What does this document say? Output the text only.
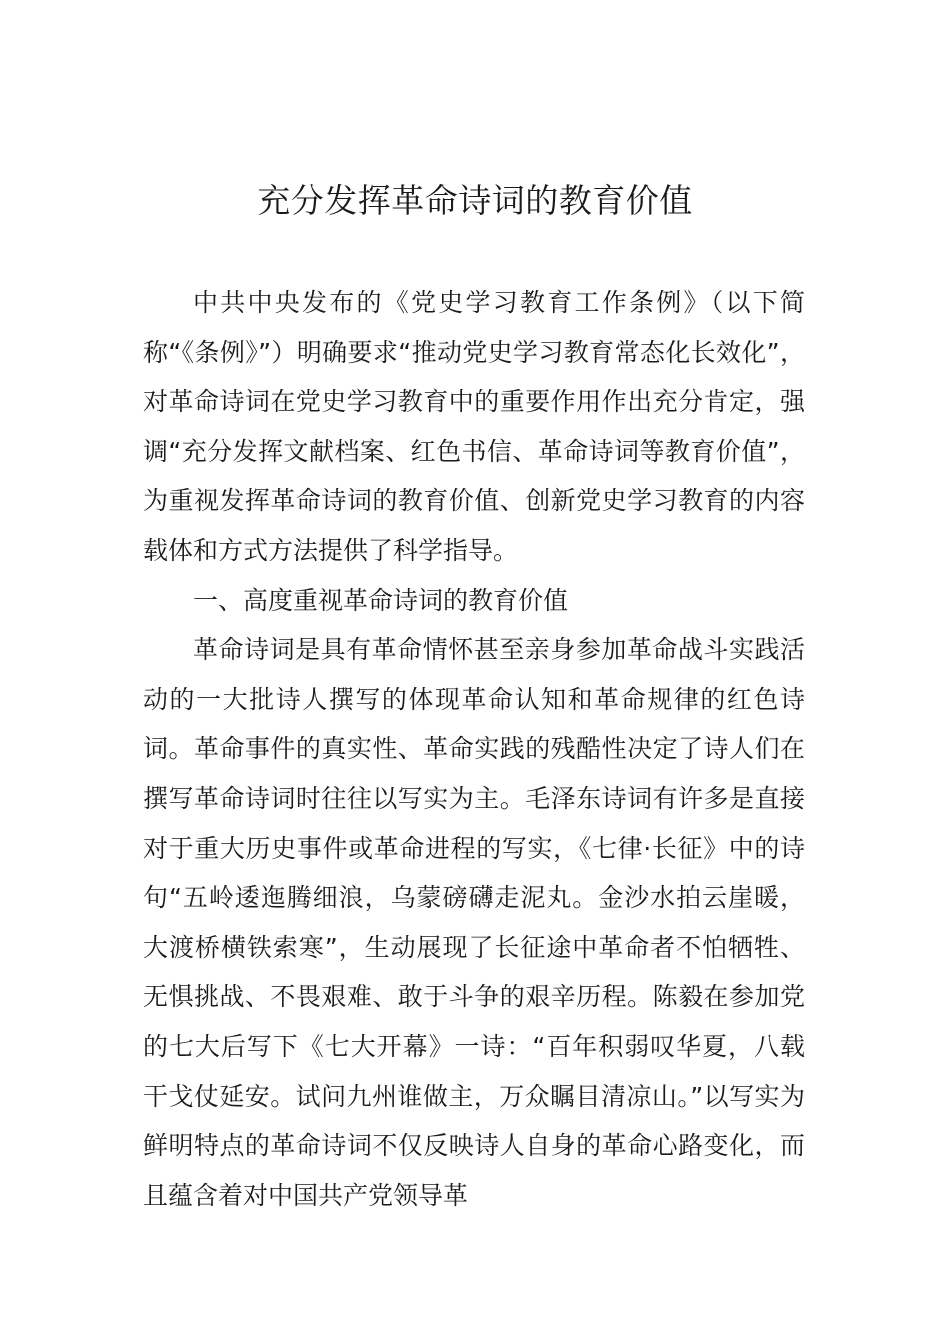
充分发挥革命诗词的教育价值

中共中央发布的《党史学习教育工作条例》（以下简称“《条例》”）明确要求“推动党史学习教育常态化长效化”，对革命诗词在党史学习教育中的重要作用作出充分肯定，强调“充分发挥文献档案、红色书信、革命诗词等教育价值”，为重视发挥革命诗词的教育价值、创新党史学习教育的内容载体和方式方法提供了科学指导。

一、高度重视革命诗词的教育价值

革命诗词是具有革命情怀甚至亲身参加革命战斗实践活动的一大批诗人撰写的体现革命认知和革命规律的红色诗词。革命事件的真实性、革命实践的残酷性决定了诗人们在撰写革命诗词时往往以写实为主。毛泽东诗词有许多是直接对于重大历史事件或革命进程的写实，《七律·长征》中的诗句“五岭逶迤腾细浪，乌蒙磅礴走泥丸。金沙水拍云崖暖，大渡桥横铁索寒”，生动展现了长征途中革命者不怕牺牲、无惧挑战、不畏艰难、敢于斗争的艰辛历程。陈毅在参加党的七大后写下《七大开幕》一诗：“百年积弱叹华夏，八载干戈仗延安。试问九州谁做主，万众瞩目清凉山。”以写实为鲜明特点的革命诗词不仅反映诗人自身的革命心路变化，而且蕴含着对中国共产党领导革
